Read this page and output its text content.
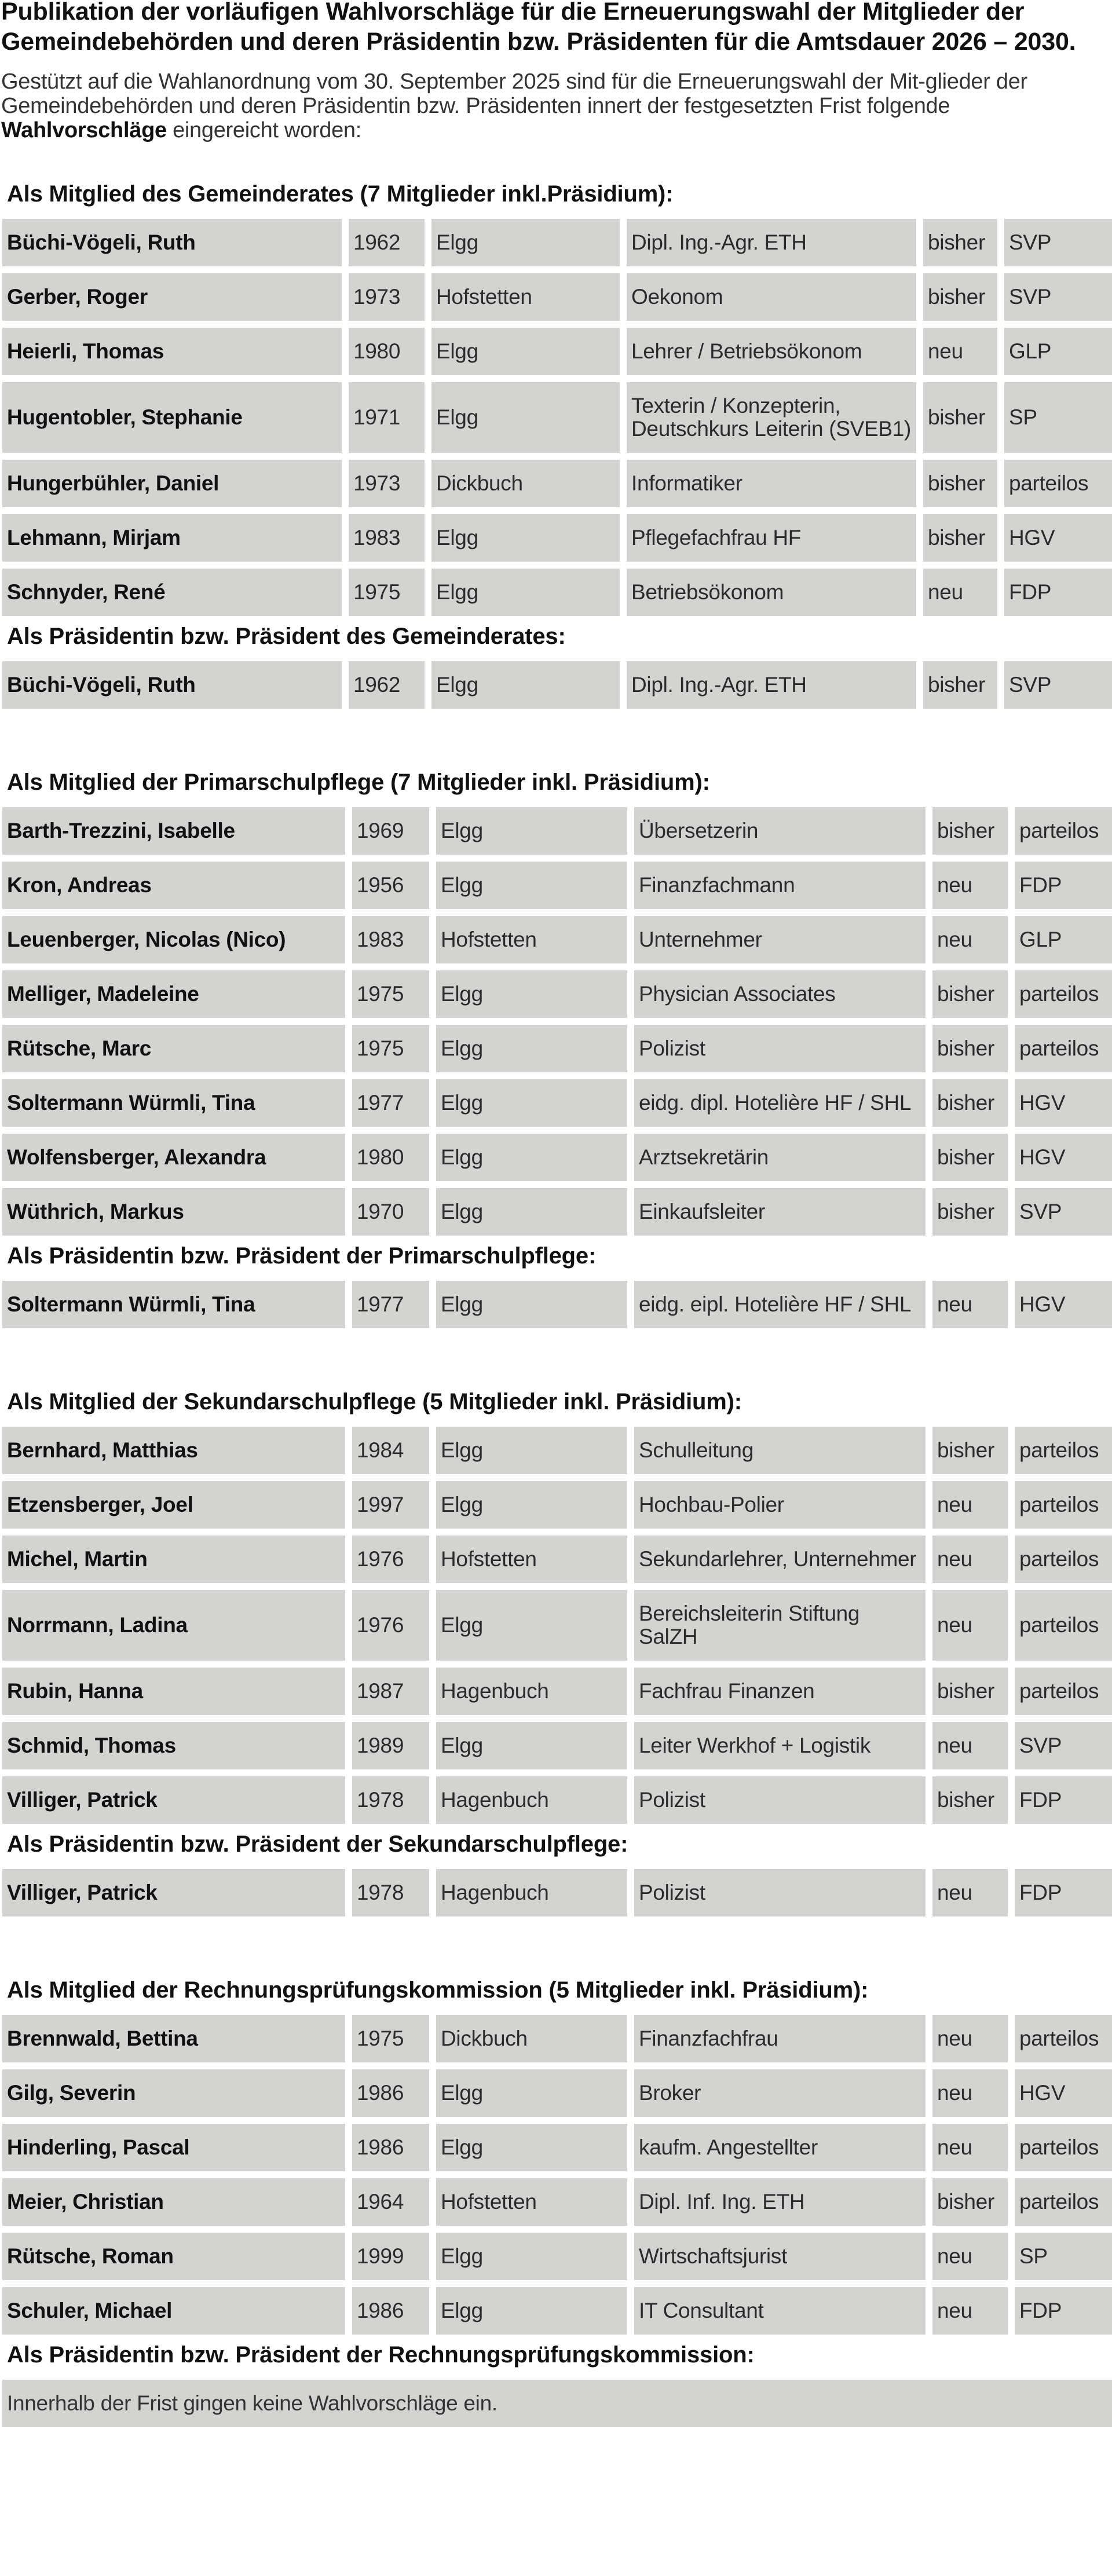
Publikation der vorläufigen Wahlvorschläge für die Erneuerungswahl der Mitglieder der Gemeindebehörden und deren Präsidentin bzw. Präsidenten für die Amtsdauer 2026 – 2030.

Gestützt auf die Wahlanordnung vom 30. September 2025 sind für die Erneuerungswahl der Mit-glieder der Gemeindebehörden und deren Präsidentin bzw. Präsidenten innert der festgesetzten Frist folgende Wahlvorschläge eingereicht worden:

Als Mitglied des Gemeinderates (7 Mitglieder inkl.Präsidium):
Büchi-Vögeli, Ruth	1962	Elgg	Dipl. Ing.-Agr. ETH	bisher	SVP
Gerber, Roger	1973	Hofstetten	Oekonom	bisher	SVP
Heierli, Thomas	1980	Elgg	Lehrer / Betriebsökonom	neu	GLP
Hugentobler, Stephanie	1971	Elgg	Texterin / Konzepterin, Deutschkurs Leiterin (SVEB1)	bisher	SP
Hungerbühler, Daniel	1973	Dickbuch	Informatiker	bisher	parteilos
Lehmann, Mirjam	1983	Elgg	Pflegefachfrau HF	bisher	HGV
Schnyder, René	1975	Elgg	Betriebsökonom	neu	FDP
Als Präsidentin bzw. Präsident des Gemeinderates:
Büchi-Vögeli, Ruth	1962	Elgg	Dipl. Ing.-Agr. ETH	bisher	SVP
Als Mitglied der Primarschulpflege (7 Mitglieder inkl. Präsidium):
Barth-Trezzini, Isabelle	1969	Elgg	Übersetzerin	bisher	parteilos
Kron, Andreas	1956	Elgg	Finanzfachmann	neu	FDP
Leuenberger, Nicolas (Nico)	1983	Hofstetten	Unternehmer	neu	GLP
Melliger, Madeleine	1975	Elgg	Physician Associates	bisher	parteilos
Rütsche, Marc	1975	Elgg	Polizist	bisher	parteilos
Soltermann Würmli, Tina	1977	Elgg	eidg. dipl. Hotelière HF / SHL	bisher	HGV
Wolfensberger, Alexandra	1980	Elgg	Arztsekretärin	bisher	HGV
Wüthrich, Markus	1970	Elgg	Einkaufsleiter	bisher	SVP
Als Präsidentin bzw. Präsident der Primarschulpflege:
Soltermann Würmli, Tina	1977	Elgg	eidg. eipl. Hotelière HF / SHL	neu	HGV
Als Mitglied der Sekundarschulpflege (5 Mitglieder inkl. Präsidium):
Bernhard, Matthias	1984	Elgg	Schulleitung	bisher	parteilos
Etzensberger, Joel	1997	Elgg	Hochbau-Polier	neu	parteilos
Michel, Martin	1976	Hofstetten	Sekundarlehrer, Unternehmer	neu	parteilos
Norrmann, Ladina	1976	Elgg	Bereichsleiterin Stiftung SalZH	neu	parteilos
Rubin, Hanna	1987	Hagenbuch	Fachfrau Finanzen	bisher	parteilos
Schmid, Thomas	1989	Elgg	Leiter Werkhof + Logistik	neu	SVP
Villiger, Patrick	1978	Hagenbuch	Polizist	bisher	FDP
Als Präsidentin bzw. Präsident der Sekundarschulpflege:
Villiger, Patrick	1978	Hagenbuch	Polizist	neu	FDP
Als Mitglied der Rechnungsprüfungskommission (5 Mitglieder inkl. Präsidium):
Brennwald, Bettina	1975	Dickbuch	Finanzfachfrau	neu	parteilos
Gilg, Severin	1986	Elgg	Broker	neu	HGV
Hinderling, Pascal	1986	Elgg	kaufm. Angestellter	neu	parteilos
Meier, Christian	1964	Hofstetten	Dipl. Inf. Ing. ETH	bisher	parteilos
Rütsche, Roman	1999	Elgg	Wirtschaftsjurist	neu	SP
Schuler, Michael	1986	Elgg	IT Consultant	neu	FDP
Als Präsidentin bzw. Präsident der Rechnungsprüfungskommission:
Innerhalb der Frist gingen keine Wahlvorschläge ein.
